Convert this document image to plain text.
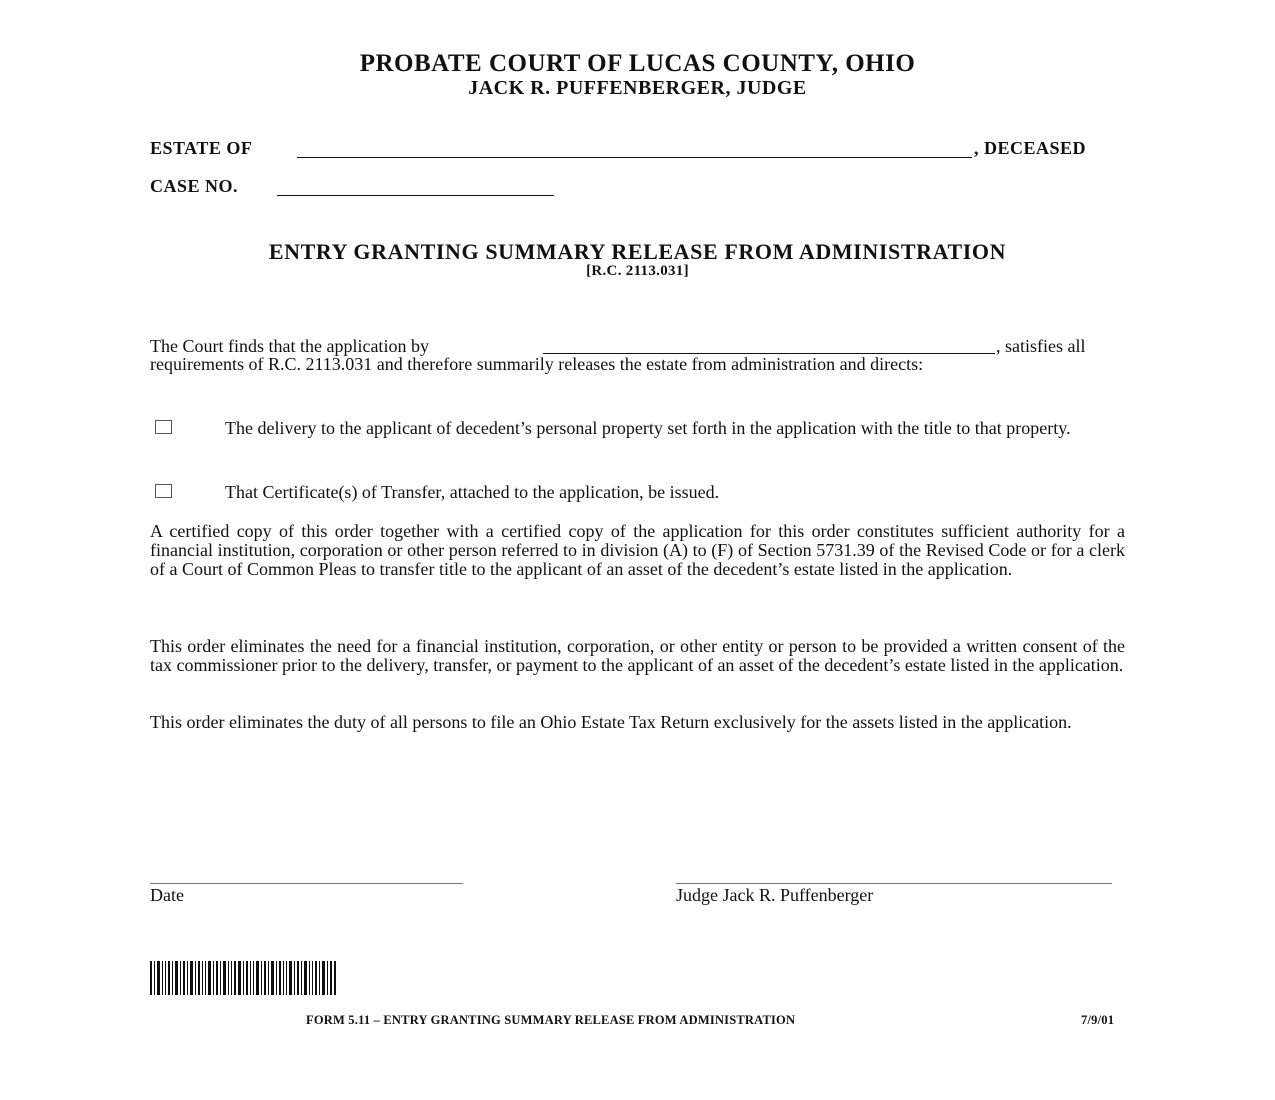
PROBATE COURT OF LUCAS COUNTY, OHIO
JACK R. PUFFENBERGER, JUDGE
ESTATE OF	, DECEASED
CASE NO.
ENTRY GRANTING SUMMARY RELEASE FROM ADMINISTRATION
[R.C. 2113.031]
The Court finds that the application by	, satisfies all
requirements of R.C. 2113.031 and therefore summarily releases the estate from administration and directs:
The delivery to the applicant of decedent’s personal property set forth in the application with the title to that property.
That Certificate(s) of Transfer, attached to the application, be issued.
A certified copy of this order together with a certified copy of the application for this order constitutes sufficient authority for a financial institution, corporation or other person referred to in division (A) to (F) of Section 5731.39 of the Revised Code or for a clerk of a Court of Common Pleas to transfer title to the applicant of an asset of the decedent’s estate listed in the application.
This order eliminates the need for a financial institution, corporation, or other entity or person to be provided a written consent of the tax commissioner prior to the delivery, transfer, or payment to the applicant of an asset of the decedent’s estate listed in the application.
This order eliminates the duty of all persons to file an Ohio Estate Tax Return exclusively for the assets listed in the application.
Date	Judge Jack R. Puffenberger
FORM 5.11 – ENTRY GRANTING SUMMARY RELEASE FROM ADMINISTRATION	7/9/01
